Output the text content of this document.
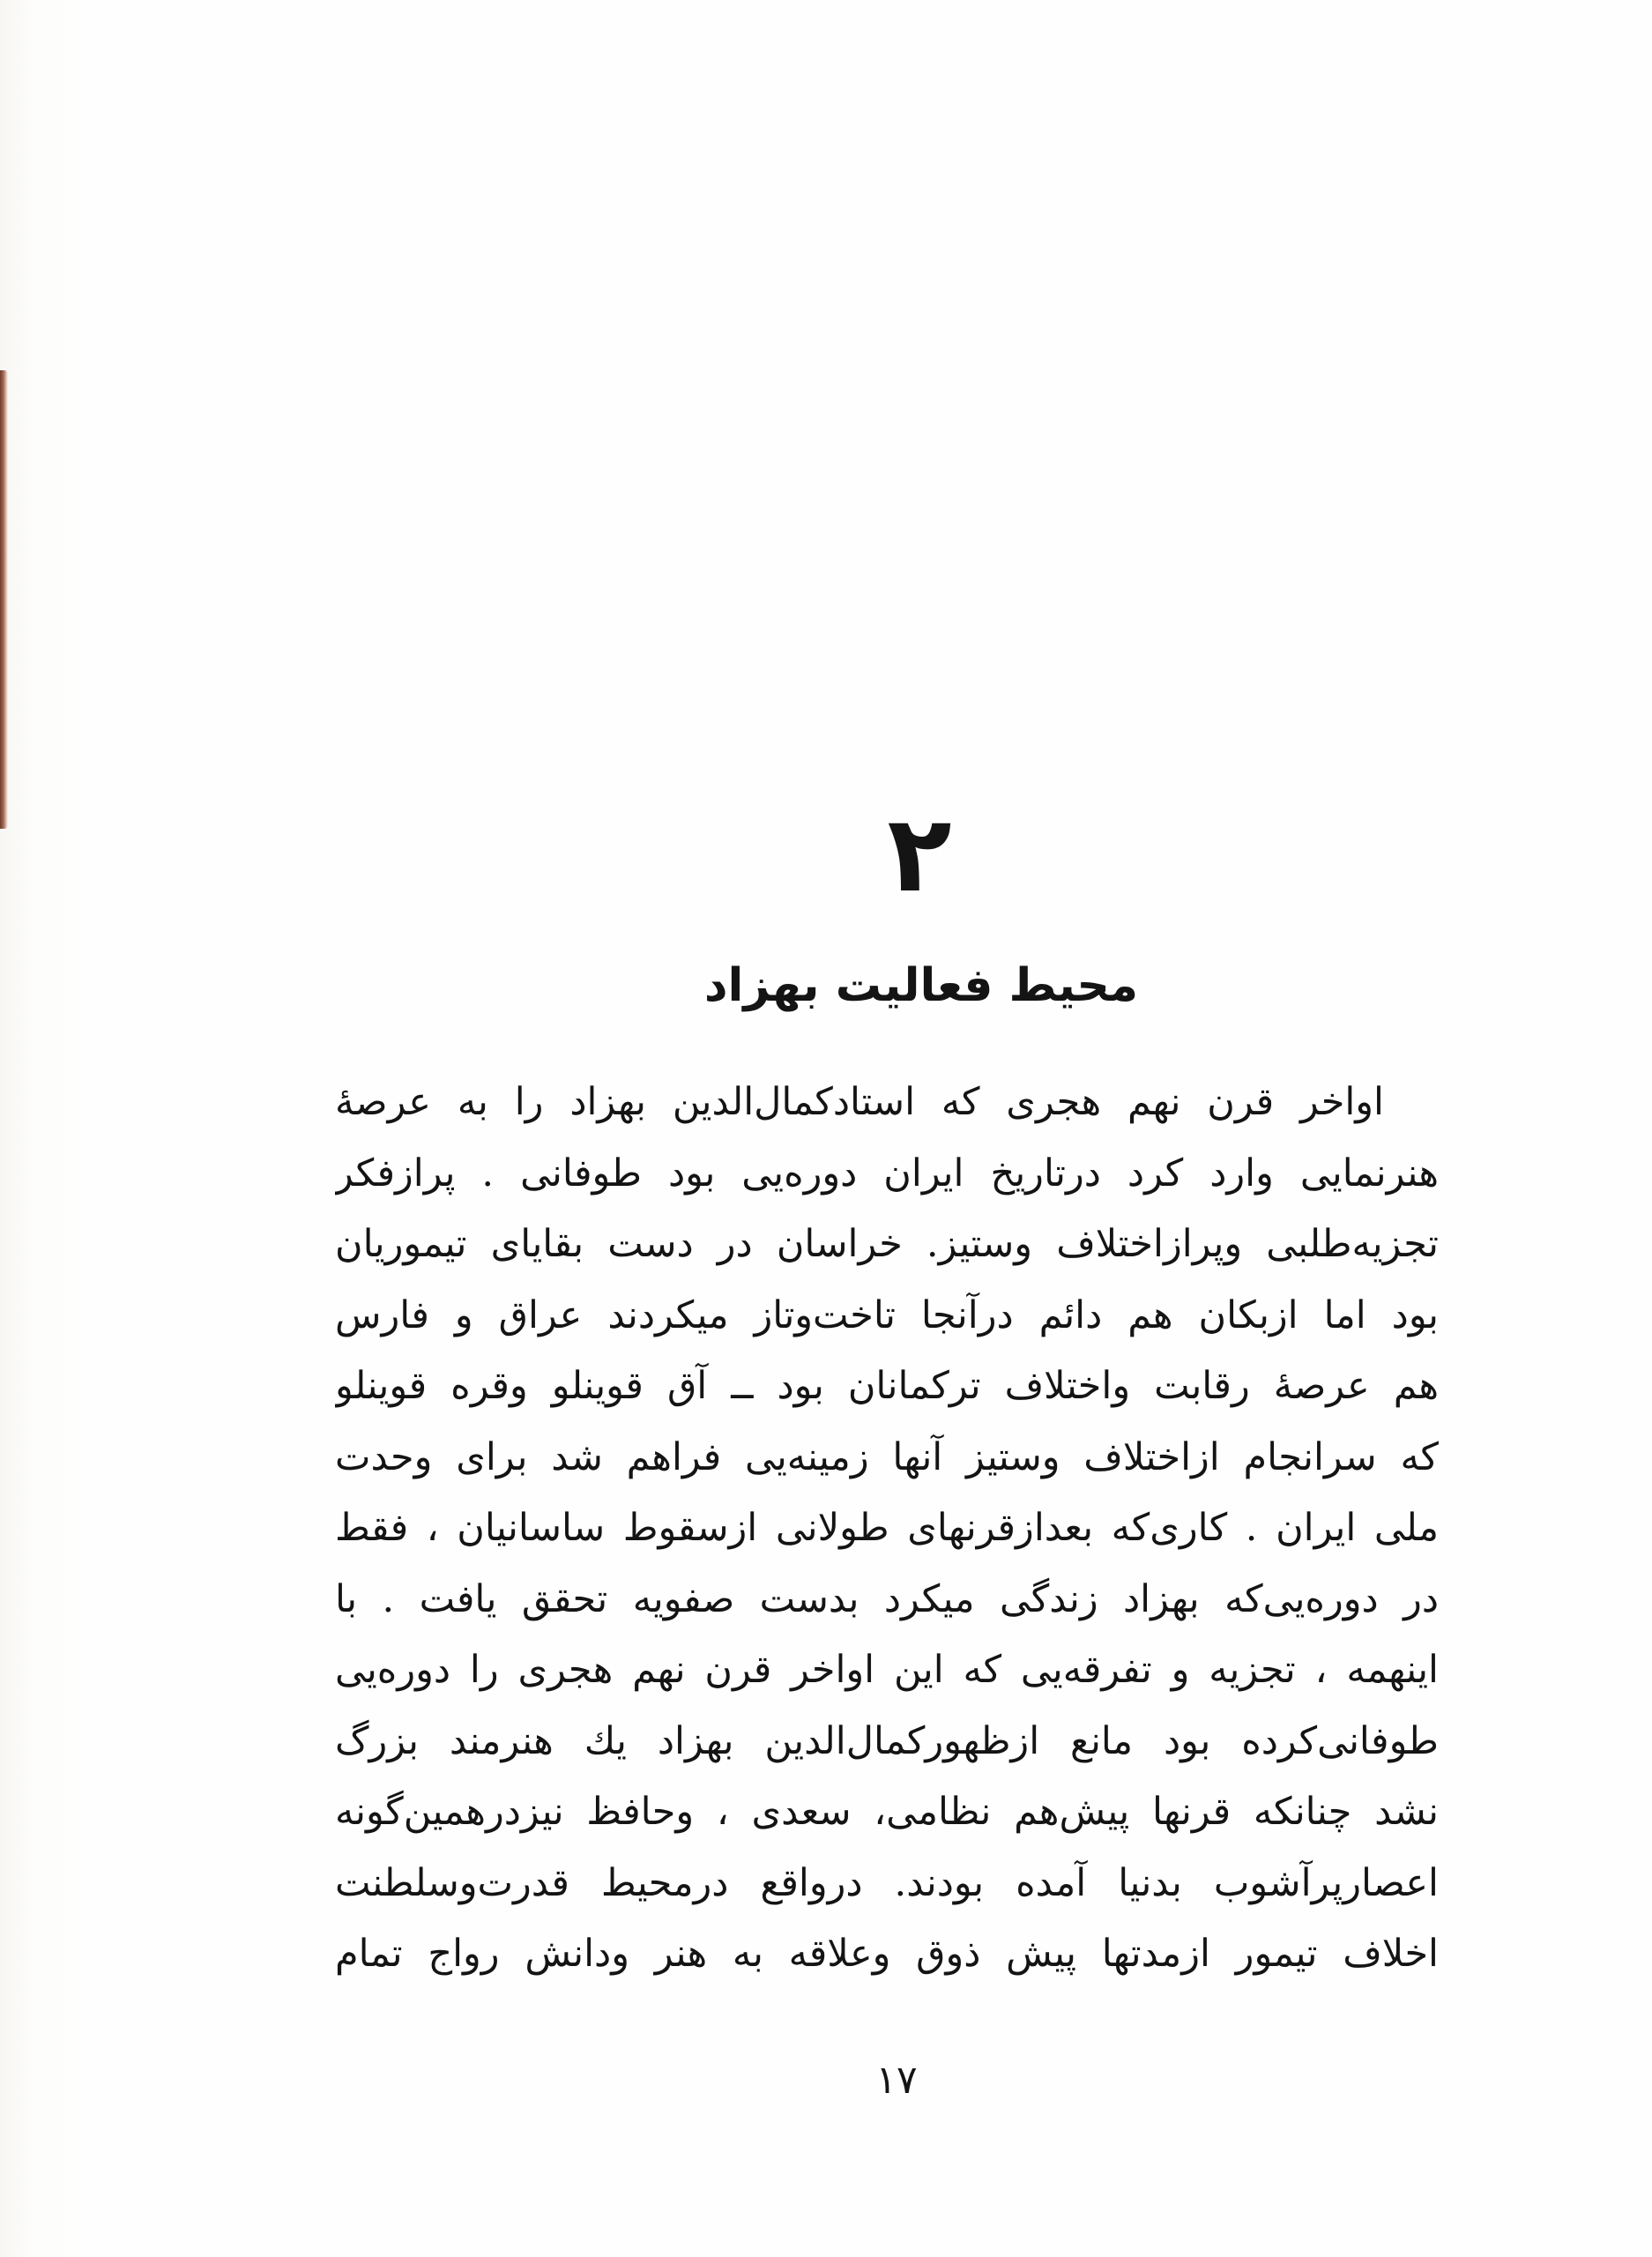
۲
محیط فعالیت بهزاد
اواخر قرن نهم هجری که استادکمال‌الدین بهزاد را به عرصهٔ
هنرنمایی وارد کرد درتاریخ ایران دوره‌یی بود طوفانی . پرازفکر
تجزیه‌طلبی وپراز‌اختلاف وستیز. خراسان در دست بقایای تیموریان
بود اما ازبکان هم دائم درآنجا تاخت‌وتاز میکردند عراق و فارس
هم عرصهٔ رقابت واختلاف ترکمانان بود ــ آق قوینلو وقره قوینلو
که سرانجام ازاختلاف وستیز آنها زمینه‌یی فراهم شد برای وحدت
ملی ایران . کاری‌که بعدازقرنهای طولانی ازسقوط ساسانیان ، فقط
در دوره‌یی‌که بهزاد زندگی میکرد بدست صفویه تحقق یافت . با
اینهمه ، تجزیه و تفرقه‌یی که این اواخر قرن نهم هجری را دوره‌یی
طوفانی‌کرده بود مانع ازظهورکمال‌الدین بهزاد یك هنرمند بزرگ
نشد چنانکه قرنها پیش‌هم نظامی، سعدی ، وحافظ نیزدرهمین‌گونه
اعصارپرآشوب بدنیا آمده بودند. درواقع درمحیط قدرت‌وسلطنت
اخلاف تیمور ازمدتها پیش ذوق وعلاقه به هنر ودانش رواج تمام
۱۷
